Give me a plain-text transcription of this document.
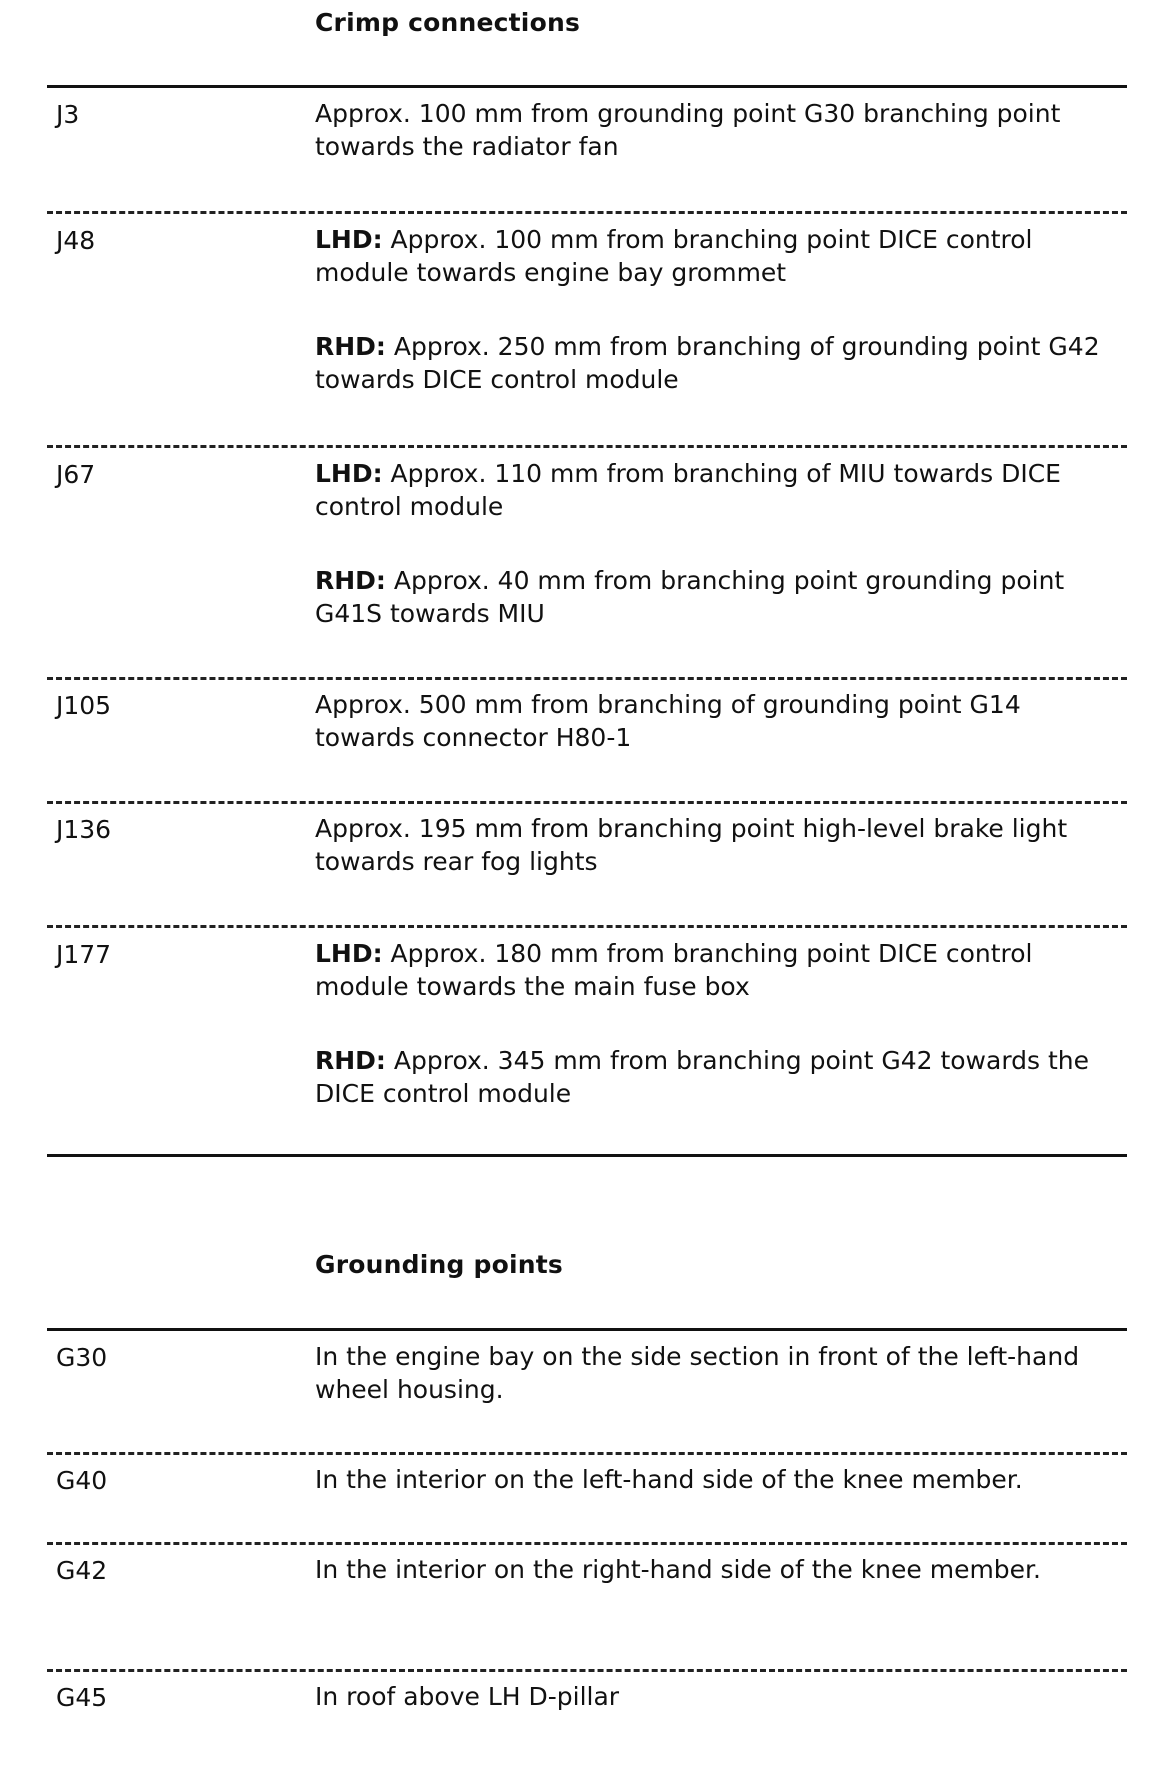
Crimp connections
J3	Approx. 100 mm from grounding point G30 branching point towards the radiator fan

J48	LHD: Approx. 100 mm from branching point DICE control module towards engine bay grommet

RHD: Approx. 250 mm from branching of grounding point G42 towards DICE control module

J67	LHD: Approx. 110 mm from branching of MIU towards DICE control module

RHD: Approx. 40 mm from branching point grounding point G41S towards MIU

J105	Approx. 500 mm from branching of grounding point G14 towards connector H80-1

J136	Approx. 195 mm from branching point high-level brake light towards rear fog lights

J177	LHD: Approx. 180 mm from branching point DICE control module towards the main fuse box

RHD: Approx. 345 mm from branching point G42 towards the DICE control module

Grounding points
G30	In the engine bay on the side section in front of the left-hand wheel housing.

G40	In the interior on the left-hand side of the knee member.

G42	In the interior on the right-hand side of the knee member.

G45	In roof above LH D-pillar
